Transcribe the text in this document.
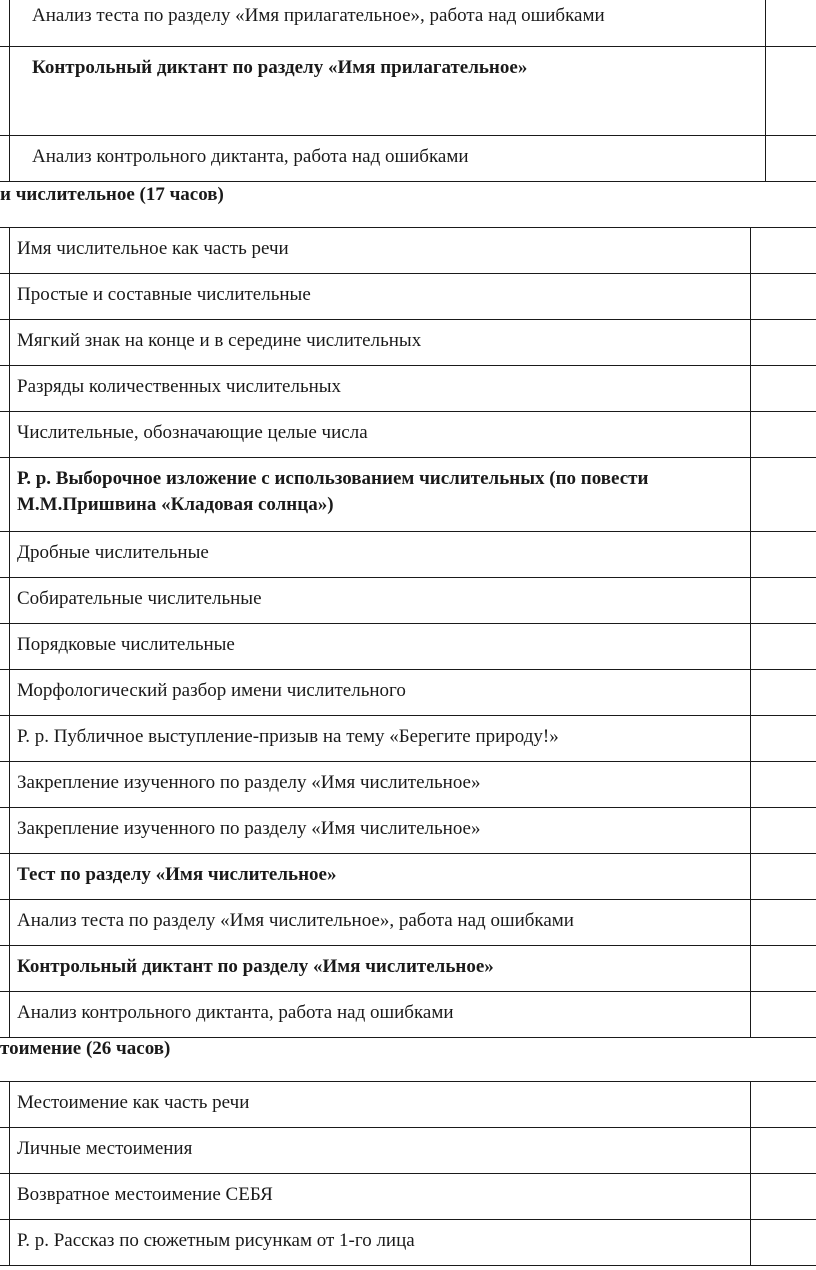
	Анализ теста по разделу «Имя прилагательное», работа над ошибками	
	Контрольный диктант по разделу «Имя прилагательное»	
	Анализ контрольного диктанта, работа над ошибками	

и числительное (17 часов)

	Имя числительное как часть речи	
	Простые и составные числительные	
	Мягкий знак на конце и в середине числительных	
	Разряды количественных числительных	
	Числительные, обозначающие целые числа	
	Р. р. Выборочное изложение с использованием числительных (по повести М.М.Пришвина «Кладовая солнца»)	
	Дробные числительные	
	Собирательные числительные	
	Порядковые числительные	
	Морфологический разбор имени числительного	
	Р. р. Публичное выступление-призыв на тему «Берегите природу!»	
	Закрепление изученного по разделу «Имя числительное»	
	Закрепление изученного по разделу «Имя числительное»	
	Тест по разделу «Имя числительное»	
	Анализ теста по разделу «Имя числительное», работа над ошибками	
	Контрольный диктант по разделу «Имя числительное»	
	Анализ контрольного диктанта, работа над ошибками	

тоимение (26 часов)

	Местоимение как часть речи	
	Личные местоимения	
	Возвратное местоимение СЕБЯ	
	Р. р. Рассказ по сюжетным рисункам от 1-го лица	
